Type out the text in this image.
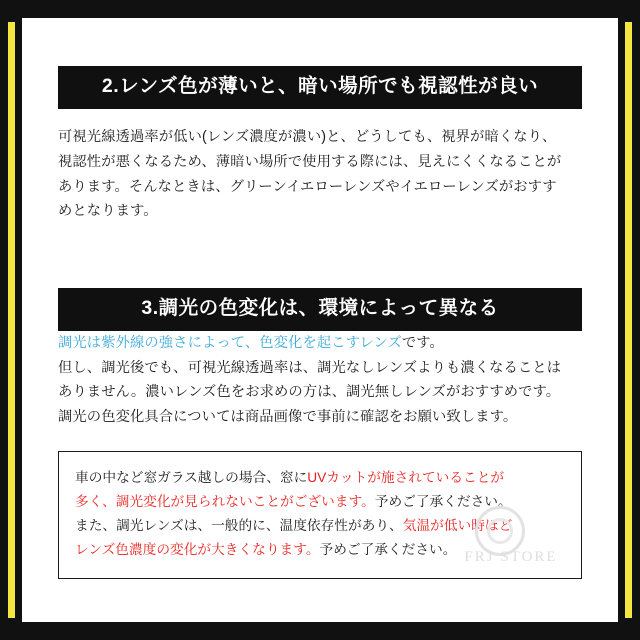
2.レンズ色が薄いと、暗い場所でも視認性が良い
可視光線透過率が低い(レンズ濃度が濃い)と、どうしても、視界が暗くなり、
視認性が悪くなるため、薄暗い場所で使用する際には、見えにくくなることが
あります。そんなときは、グリーンイエローレンズやイエローレンズがおすす
めとなります。
3.調光の色変化は、環境によって異なる
調光は紫外線の強さによって、色変化を起こすレンズです。
但し、調光後でも、可視光線透過率は、調光なしレンズよりも濃くなることは
ありません。濃いレンズ色をお求めの方は、調光無しレンズがおすすめです。
調光の色変化具合については商品画像で事前に確認をお願い致します。
車の中など窓ガラス越しの場合、窓にUVカットが施されていることが
多く、調光変化が見られないことがございます。予めご了承ください。
また、調光レンズは、一般的に、温度依存性があり、気温が低い時ほど
レンズ色濃度の変化が大きくなります。予めご了承ください。 FRJ STORE
